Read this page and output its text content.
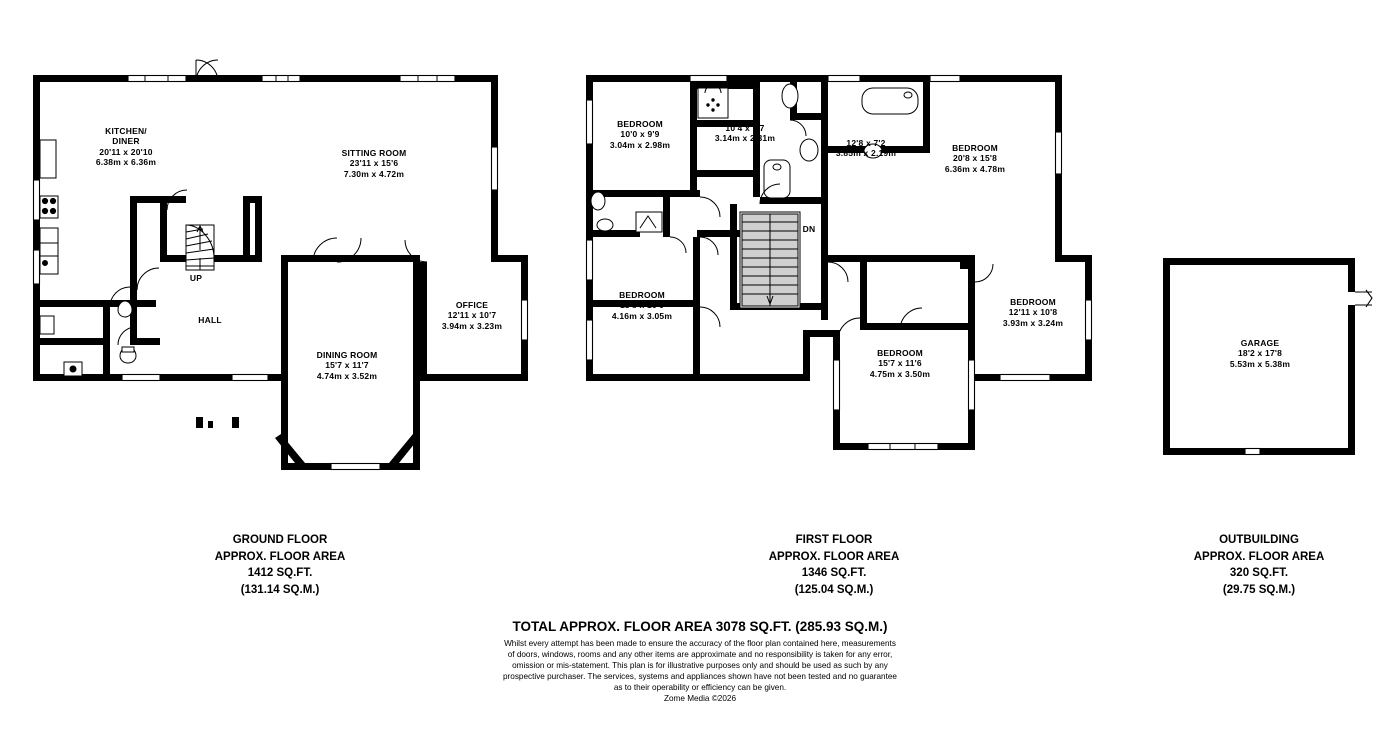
KITCHEN/
DINER
20'11 x 20'10
6.38m x 6.36m
SITTING ROOM
23'11 x 15'6
7.30m x 4.72m
OFFICE
12'11 x 10'7
3.94m x 3.23m
DINING ROOM
15'7 x 11'7
4.74m x 3.52m
UTILITY
HALL
UP
BEDROOM
10'0 x 9'9
3.04m x 2.98m
10'4 x 7'7
3.14m x 2.31m	12'8 x 7'2
3.85m x 2.19m
BEDROOM
20'8 x 15'8
6.36m x 4.78m
BEDROOM
13'8 x 10'0
4.16m x 3.05m
BEDROOM
12'11 x 10'8
3.93m x 3.24m
BEDROOM
15'7 x 11'6
4.75m x 3.50m
DN
GARAGE
18'2 x 17'8
5.53m x 5.38m
GROUND FLOOR
APPROX. FLOOR AREA
1412 SQ.FT.
(131.14 SQ.M.)
FIRST FLOOR
APPROX. FLOOR AREA
1346 SQ.FT.
(125.04 SQ.M.)
OUTBUILDING
APPROX. FLOOR AREA
320 SQ.FT.
(29.75 SQ.M.)
TOTAL APPROX. FLOOR AREA 3078 SQ.FT. (285.93 SQ.M.)
Whilst every attempt has been made to ensure the accuracy of the floor plan contained here, measurements
of doors, windows, rooms and any other items are approximate and no responsibility is taken for any error,
omission or mis-statement. This plan is for illustrative purposes only and should be used as such by any
prospective purchaser. The services, systems and appliances shown have not been tested and no guarantee
as to their operability or efficiency can be given.
Zome Media ©2026
